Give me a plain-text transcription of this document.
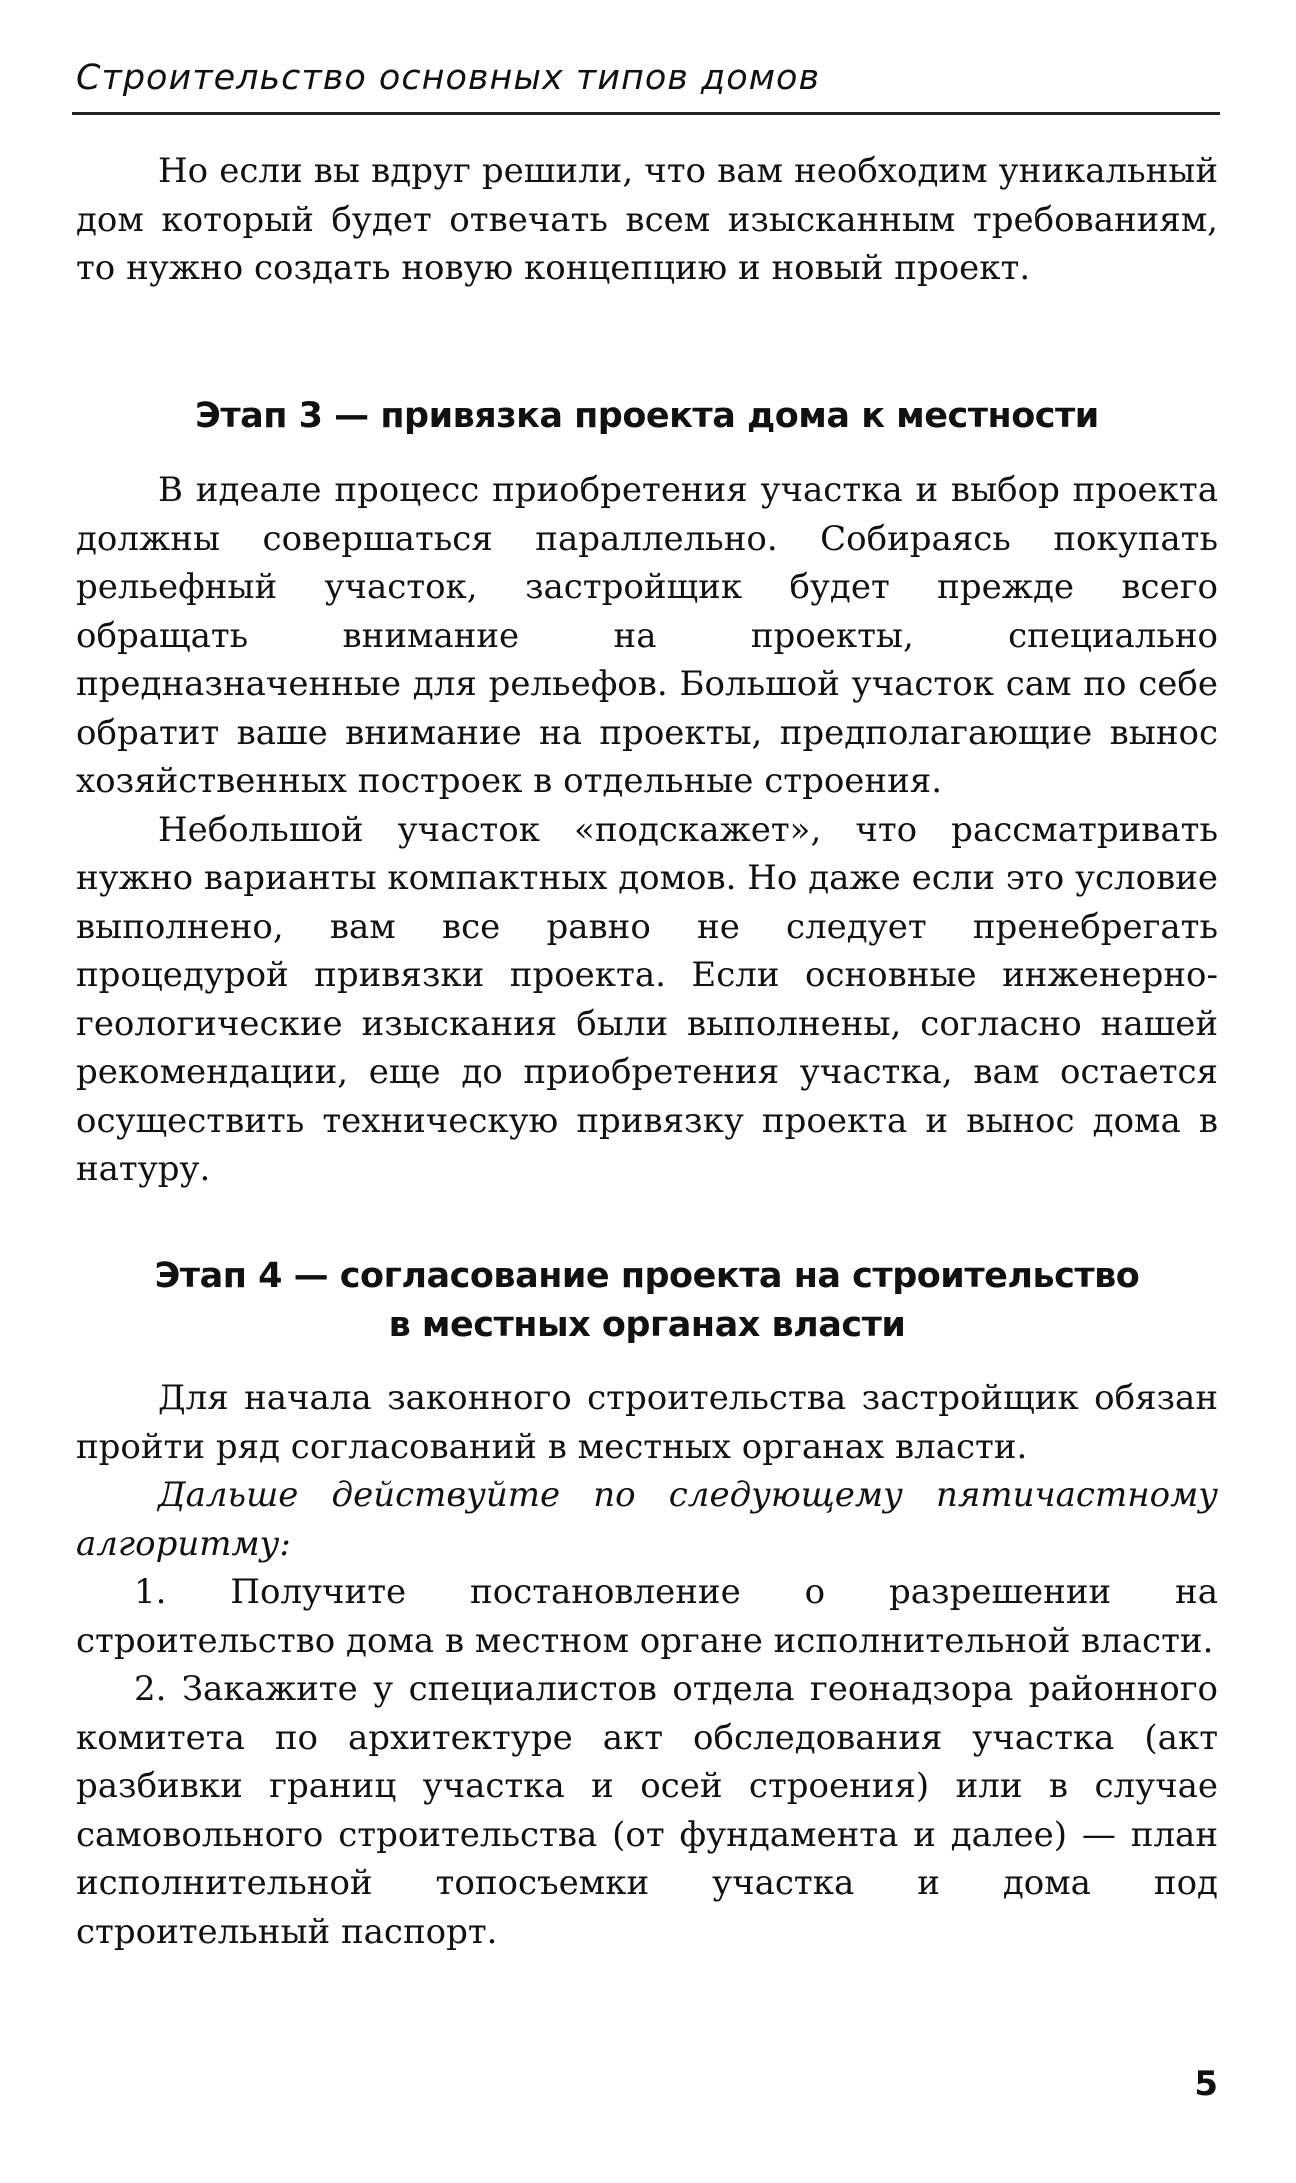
Строительство основных типов домов

Но если вы вдруг решили, что вам необходим уникальный дом который будет отвечать всем изысканным требованиям, то нужно создать новую концепцию и новый проект.

Этап 3 — привязка проекта дома к местности

В идеале процесс приобретения участка и выбор проекта должны совершаться параллельно. Собираясь покупать рельефный участок, застройщик будет прежде всего обращать внимание на проекты, специально предназначенные для рельефов. Большой участок сам по себе обратит ваше внимание на проекты, предполагающие вынос хозяйственных построек в отдельные строения.

Небольшой участок «подскажет», что рассматривать нужно варианты компактных домов. Но даже если это условие выполнено, вам все равно не следует пренебрегать процедурой привязки проекта. Если основные инженерно-геологические изыскания были выполнены, согласно нашей рекомендации, еще до приобретения участка, вам остается осуществить техническую привязку проекта и вынос дома в натуру.

Этап 4 — согласование проекта на строительство
в местных органах власти

Для начала законного строительства застройщик обязан пройти ряд согласований в местных органах власти.

Дальше действуйте по следующему пятичастному алгоритму:

1. Получите постановление о разрешении на строительство дома в местном органе исполнительной власти.

2. Закажите у специалистов отдела геонадзора районного комитета по архитектуре акт обследования участка (акт разбивки границ участка и осей строения) или в случае самовольного строительства (от фундамента и далее) — план исполнительной топосъемки участка и дома под строительный паспорт.

5
